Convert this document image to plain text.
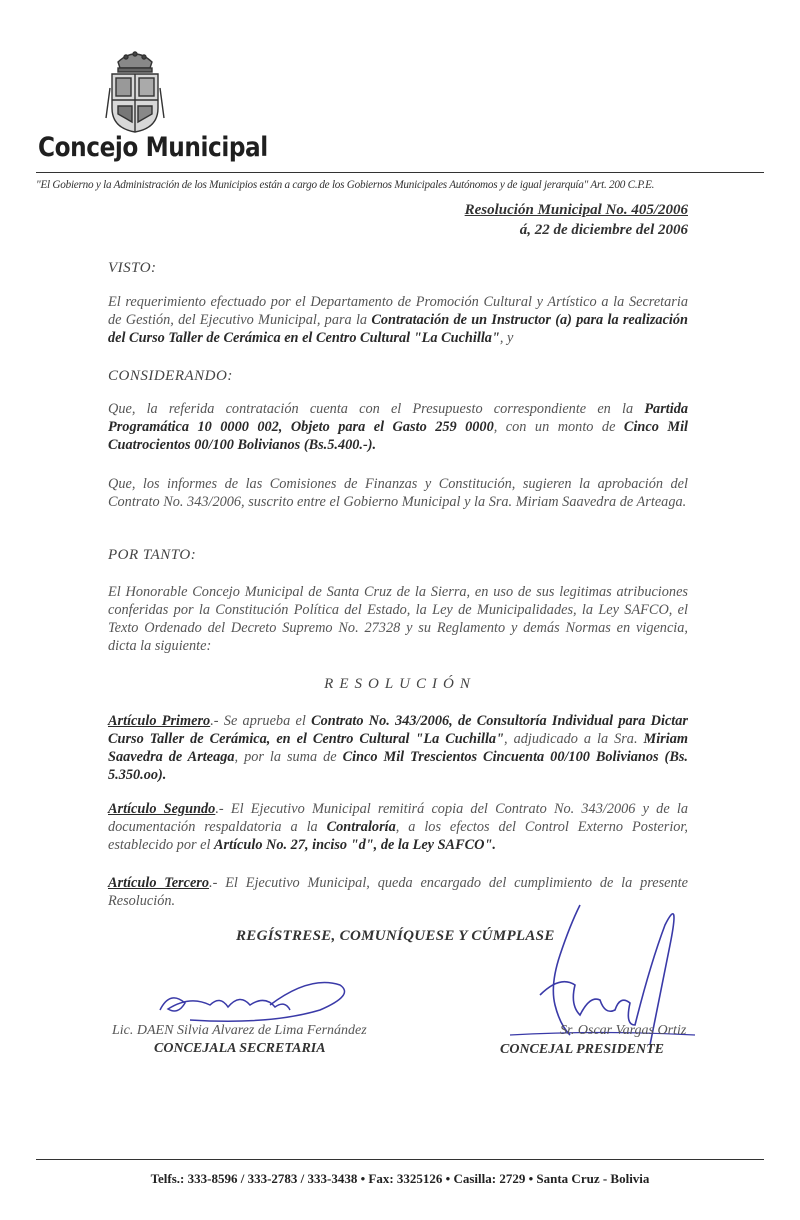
Concejo Municipal
"El Gobierno y la Administración de los Municipios están a cargo de los Gobiernos Municipales Autónomos y de igual jerarquía" Art. 200 C.P.E.
Resolución Municipal No. 405/2006
á, 22 de diciembre del 2006
VISTO:
El requerimiento efectuado por el Departamento de Promoción Cultural y Artístico a la Secretaria de Gestión, del Ejecutivo Municipal, para la Contratación de un Instructor (a) para la realización del Curso Taller de Cerámica en el Centro Cultural "La Cuchilla", y
CONSIDERANDO:
Que, la referida contratación cuenta con el Presupuesto correspondiente en la Partida Programática 10 0000 002, Objeto para el Gasto 259 0000, con un monto de Cinco Mil Cuatrocientos 00/100 Bolivianos (Bs.5.400.-).
Que, los informes de las Comisiones de Finanzas y Constitución, sugieren la aprobación del Contrato No. 343/2006, suscrito entre el Gobierno Municipal y la Sra. Miriam Saavedra de Arteaga.
POR TANTO:
El Honorable Concejo Municipal de Santa Cruz de la Sierra, en uso de sus legitimas atribuciones conferidas por la Constitución Política del Estado, la Ley de Municipalidades, la Ley SAFCO, el Texto Ordenado del Decreto Supremo No. 27328 y su Reglamento y demás Normas en vigencia, dicta la siguiente:
RESOLUCIÓN
Artículo Primero.- Se aprueba el Contrato No. 343/2006, de Consultoría Individual para Dictar Curso Taller de Cerámica, en el Centro Cultural "La Cuchilla", adjudicado a la Sra. Miriam Saavedra de Arteaga, por la suma de Cinco Mil Trescientos Cincuenta 00/100 Bolivianos (Bs. 5.350.oo).
Artículo Segundo.- El Ejecutivo Municipal remitirá copia del Contrato No. 343/2006 y de la documentación respaldatoria a la Contraloría, a los efectos del Control Externo Posterior, establecido por el Artículo No. 27, inciso "d", de la Ley SAFCO".
Artículo Tercero.- El Ejecutivo Municipal, queda encargado del cumplimiento de la presente Resolución.
REGÍSTRESE, COMUNÍQUESE Y CÚMPLASE
Lic. DAEN Silvia Alvarez de Lima Fernández
CONCEJALA SECRETARIA
Sr. Oscar Vargas Ortiz
CONCEJAL PRESIDENTE
Telfs.: 333-8596 / 333-2783 / 333-3438 • Fax: 3325126 • Casilla: 2729 • Santa Cruz - Bolivia
